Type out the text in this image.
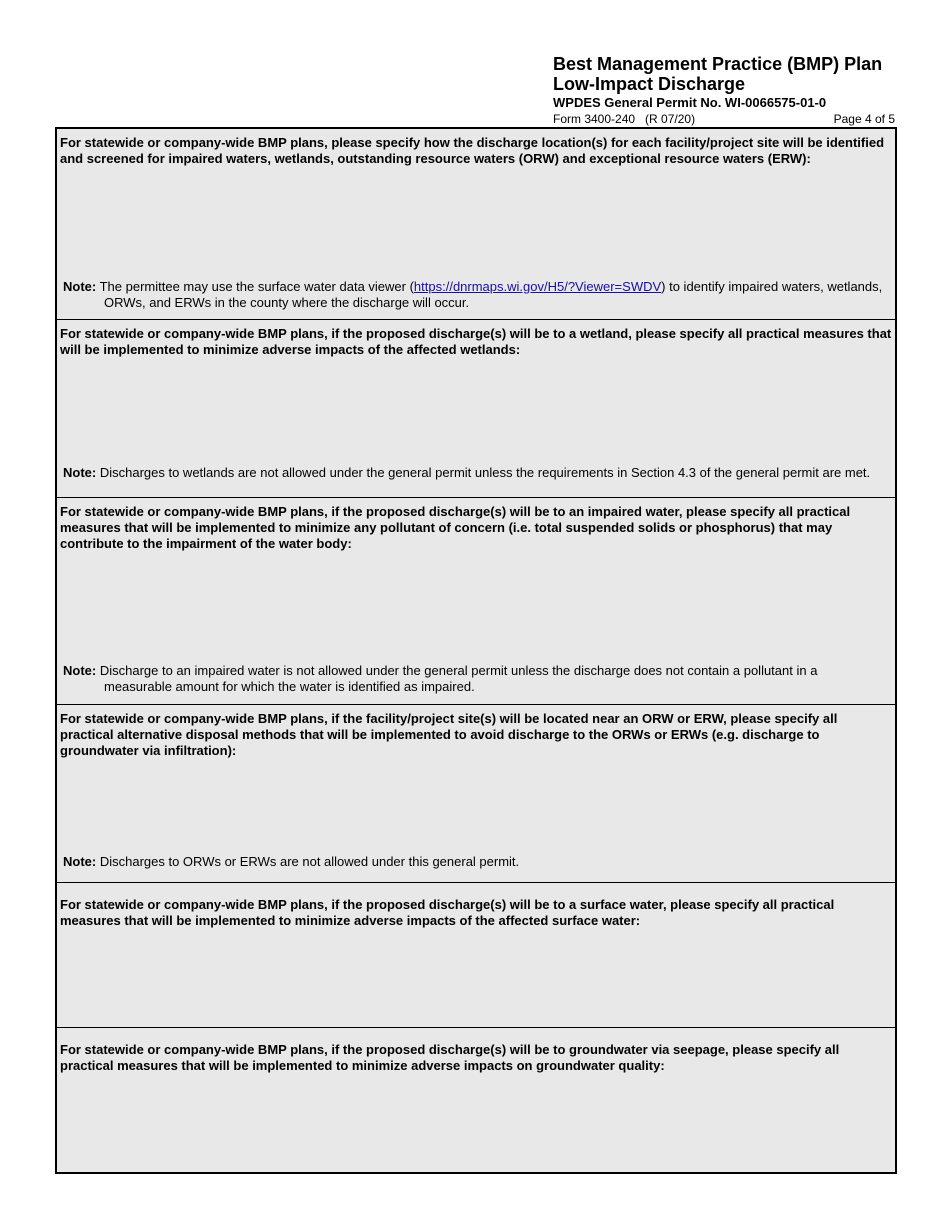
Best Management Practice (BMP) Plan
Low-Impact Discharge
WPDES General Permit No. WI-0066575-01-0
Form 3400-240   (R 07/20)	Page 4 of 5
For statewide or company-wide BMP plans, please specify how the discharge location(s) for each facility/project site will be identified and screened for impaired waters, wetlands, outstanding resource waters (ORW) and exceptional resource waters (ERW):
Note: The permittee may use the surface water data viewer (https://dnrmaps.wi.gov/H5/?Viewer=SWDV) to identify impaired waters, wetlands, ORWs, and ERWs in the county where the discharge will occur.
For statewide or company-wide BMP plans, if the proposed discharge(s) will be to a wetland, please specify all practical measures that will be implemented to minimize adverse impacts of the affected wetlands:
Note: Discharges to wetlands are not allowed under the general permit unless the requirements in Section 4.3 of the general permit are met.
For statewide or company-wide BMP plans, if the proposed discharge(s) will be to an impaired water, please specify all practical measures that will be implemented to minimize any pollutant of concern (i.e. total suspended solids or phosphorus) that may contribute to the impairment of the water body:
Note: Discharge to an impaired water is not allowed under the general permit unless the discharge does not contain a pollutant in a measurable amount for which the water is identified as impaired.
For statewide or company-wide BMP plans, if the facility/project site(s) will be located near an ORW or ERW, please specify all practical alternative disposal methods that will be implemented to avoid discharge to the ORWs or ERWs (e.g. discharge to groundwater via infiltration):
Note: Discharges to ORWs or ERWs are not allowed under this general permit.
For statewide or company-wide BMP plans, if the proposed discharge(s) will be to a surface water, please specify all practical measures that will be implemented to minimize adverse impacts of the affected surface water:
For statewide or company-wide BMP plans, if the proposed discharge(s) will be to groundwater via seepage, please specify all practical measures that will be implemented to minimize adverse impacts on groundwater quality:
